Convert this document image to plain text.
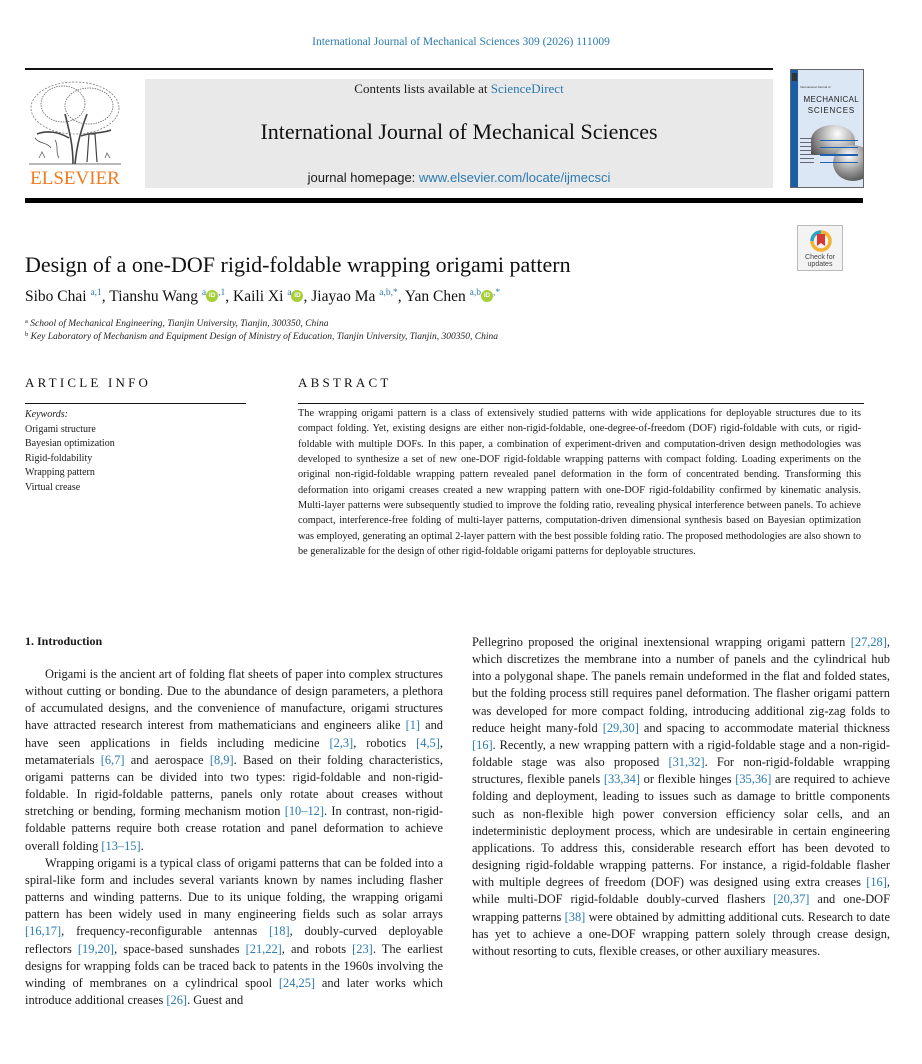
International Journal of Mechanical Sciences 309 (2026) 111009
ELSEVIER
Contents lists available at ScienceDirect
International Journal of Mechanical Sciences
journal homepage: www.elsevier.com/locate/ijmecsci
International Journal of
MECHANICAL
SCIENCES
Check for
updates
Design of a one-DOF rigid-foldable wrapping origami pattern
Sibo Chai $^{a,1}$, Tianshu Wang $^a$ iD $^{,1}$, Kaili Xi $^a$ iD , Jiayao Ma $^{a,b,*}$, Yan Chen $^{a,b}$ iD ,*
$^a$ School of Mechanical Engineering, Tianjin University, Tianjin, 300350, China
$^b$ Key Laboratory of Mechanism and Equipment Design of Ministry of Education, Tianjin University, Tianjin, 300350, China
ARTICLE INFO	ABSTRACT
Keywords:
Origami structure
Bayesian optimization
Rigid-foldability
Wrapping pattern
Virtual crease
The wrapping origami pattern is a class of extensively studied patterns with wide applications for deployable structures due to its compact folding. Yet, existing designs are either non-rigid-foldable, one-degree-of-freedom (DOF) rigid-foldable with cuts, or rigid-foldable with multiple DOFs. In this paper, a combination of experiment-driven and computation-driven design methodologies was developed to synthesize a set of new one-DOF rigid-foldable wrapping patterns with compact folding. Loading experiments on the original non-rigid-foldable wrapping pattern revealed panel deformation in the form of concentrated bending. Transforming this deformation into origami creases created a new wrapping pattern with one-DOF rigid-foldability confirmed by kinematic analysis. Multi-layer patterns were subsequently studied to improve the folding ratio, revealing physical interference between panels. To achieve compact, interference-free folding of multi-layer patterns, computation-driven dimensional synthesis based on Bayesian optimization was employed, generating an optimal 2-layer pattern with the best possible folding ratio. The proposed methodologies are also shown to be generalizable for the design of other rigid-foldable origami patterns for deployable structures.
1. Introduction

Origami is the ancient art of folding flat sheets of paper into complex structures without cutting or bonding. Due to the abundance of design parameters, a plethora of accumulated designs, and the convenience of manufacture, origami structures have attracted research interest from mathematicians and engineers alike [1] and have seen applications in fields including medicine [2,3], robotics [4,5], metamaterials [6,7] and aerospace [8,9]. Based on their folding characteristics, origami patterns can be divided into two types: rigid-foldable and non-rigid-foldable. In rigid-foldable patterns, panels only rotate about creases without stretching or bending, forming mechanism motion [10–12]. In contrast, non-rigid-foldable patterns require both crease rotation and panel deformation to achieve overall folding [13–15].

Wrapping origami is a typical class of origami patterns that can be folded into a spiral-like form and includes several variants known by names including flasher patterns and winding patterns. Due to its unique folding, the wrapping origami pattern has been widely used in many engineering fields such as solar arrays [16,17], frequency-reconfigurable antennas [18], doubly-curved deployable reflectors [19,20], space-based sunshades [21,22], and robots [23]. The earliest designs for wrapping folds can be traced back to patents in the 1960s involving the winding of membranes on a cylindrical spool [24,25] and later works which introduce additional creases [26]. Guest and

Pellegrino proposed the original inextensional wrapping origami pattern [27,28], which discretizes the membrane into a number of panels and the cylindrical hub into a polygonal shape. The panels remain undeformed in the flat and folded states, but the folding process still requires panel deformation. The flasher origami pattern was developed for more compact folding, introducing additional zig-zag folds to reduce height many-fold [29,30] and spacing to accommodate material thickness [16]. Recently, a new wrapping pattern with a rigid-foldable stage and a non-rigid-foldable stage was also proposed [31,32]. For non-rigid-foldable wrapping structures, flexible panels [33,34] or flexible hinges [35,36] are required to achieve folding and deployment, leading to issues such as damage to brittle components such as non-flexible high power conversion efficiency solar cells, and an indeterministic deployment process, which are undesirable in certain engineering applications. To address this, considerable research effort has been devoted to designing rigid-foldable wrapping patterns. For instance, a rigid-foldable flasher with multiple degrees of freedom (DOF) was designed using extra creases [16], while multi-DOF rigid-foldable doubly-curved flashers [20,37] and one-DOF wrapping patterns [38] were obtained by admitting additional cuts. Research to date has yet to achieve a one-DOF wrapping pattern solely through crease design, without resorting to cuts, flexible creases, or other auxiliary measures.
